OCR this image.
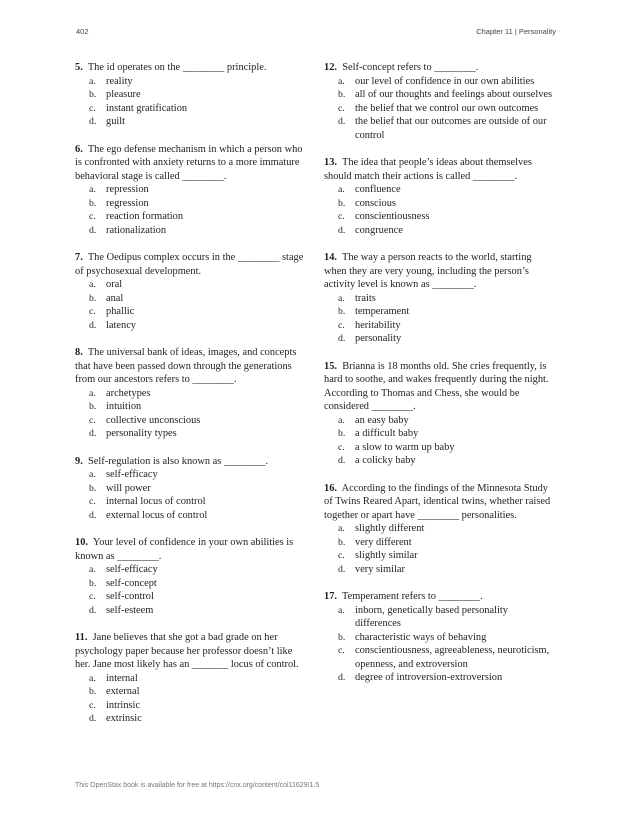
402	Chapter 11 | Personality

5. The id operates on the ________ principle.

a. reality
b. pleasure
c. instant gratification
d. guilt

6. The ego defense mechanism in which a person who is confronted with anxiety returns to a more immature behavioral stage is called ________.

a. repression
b. regression
c. reaction formation
d. rationalization

7. The Oedipus complex occurs in the ________ stage of psychosexual development.

a. oral
b. anal
c. phallic
d. latency

8. The universal bank of ideas, images, and concepts that have been passed down through the generations from our ancestors refers to ________.

a. archetypes
b. intuition
c. collective unconscious
d. personality types

9. Self-regulation is also known as ________.

a. self-efficacy
b. will power
c. internal locus of control
d. external locus of control

10. Your level of confidence in your own abilities is known as ________.

a. self-efficacy
b. self-concept
c. self-control
d. self-esteem

11. Jane believes that she got a bad grade on her psychology paper because her professor doesn’t like her. Jane most likely has an _______ locus of control.

a. internal
b. external
c. intrinsic
d. extrinsic

12. Self-concept refers to ________.

a. our level of confidence in our own abilities
b. all of our thoughts and feelings about ourselves
c. the belief that we control our own outcomes
d. the belief that our outcomes are outside of our control

13. The idea that people’s ideas about themselves should match their actions is called ________.

a. confluence
b. conscious
c. conscientiousness
d. congruence

14. The way a person reacts to the world, starting when they are very young, including the person’s activity level is known as ________.

a. traits
b. temperament
c. heritability
d. personality

15. Brianna is 18 months old. She cries frequently, is hard to soothe, and wakes frequently during the night. According to Thomas and Chess, she would be considered ________.

a. an easy baby
b. a difficult baby
c. a slow to warm up baby
d. a colicky baby

16. According to the findings of the Minnesota Study of Twins Reared Apart, identical twins, whether raised together or apart have ________ personalities.

a. slightly different
b. very different
c. slightly similar
d. very similar

17. Temperament refers to ________.

a. inborn, genetically based personality differences
b. characteristic ways of behaving
c. conscientiousness, agreeableness, neuroticism, openness, and extroversion
d. degree of introversion-extroversion
This OpenStax book is available for free at https://cnx.org/content/col11629/1.5
